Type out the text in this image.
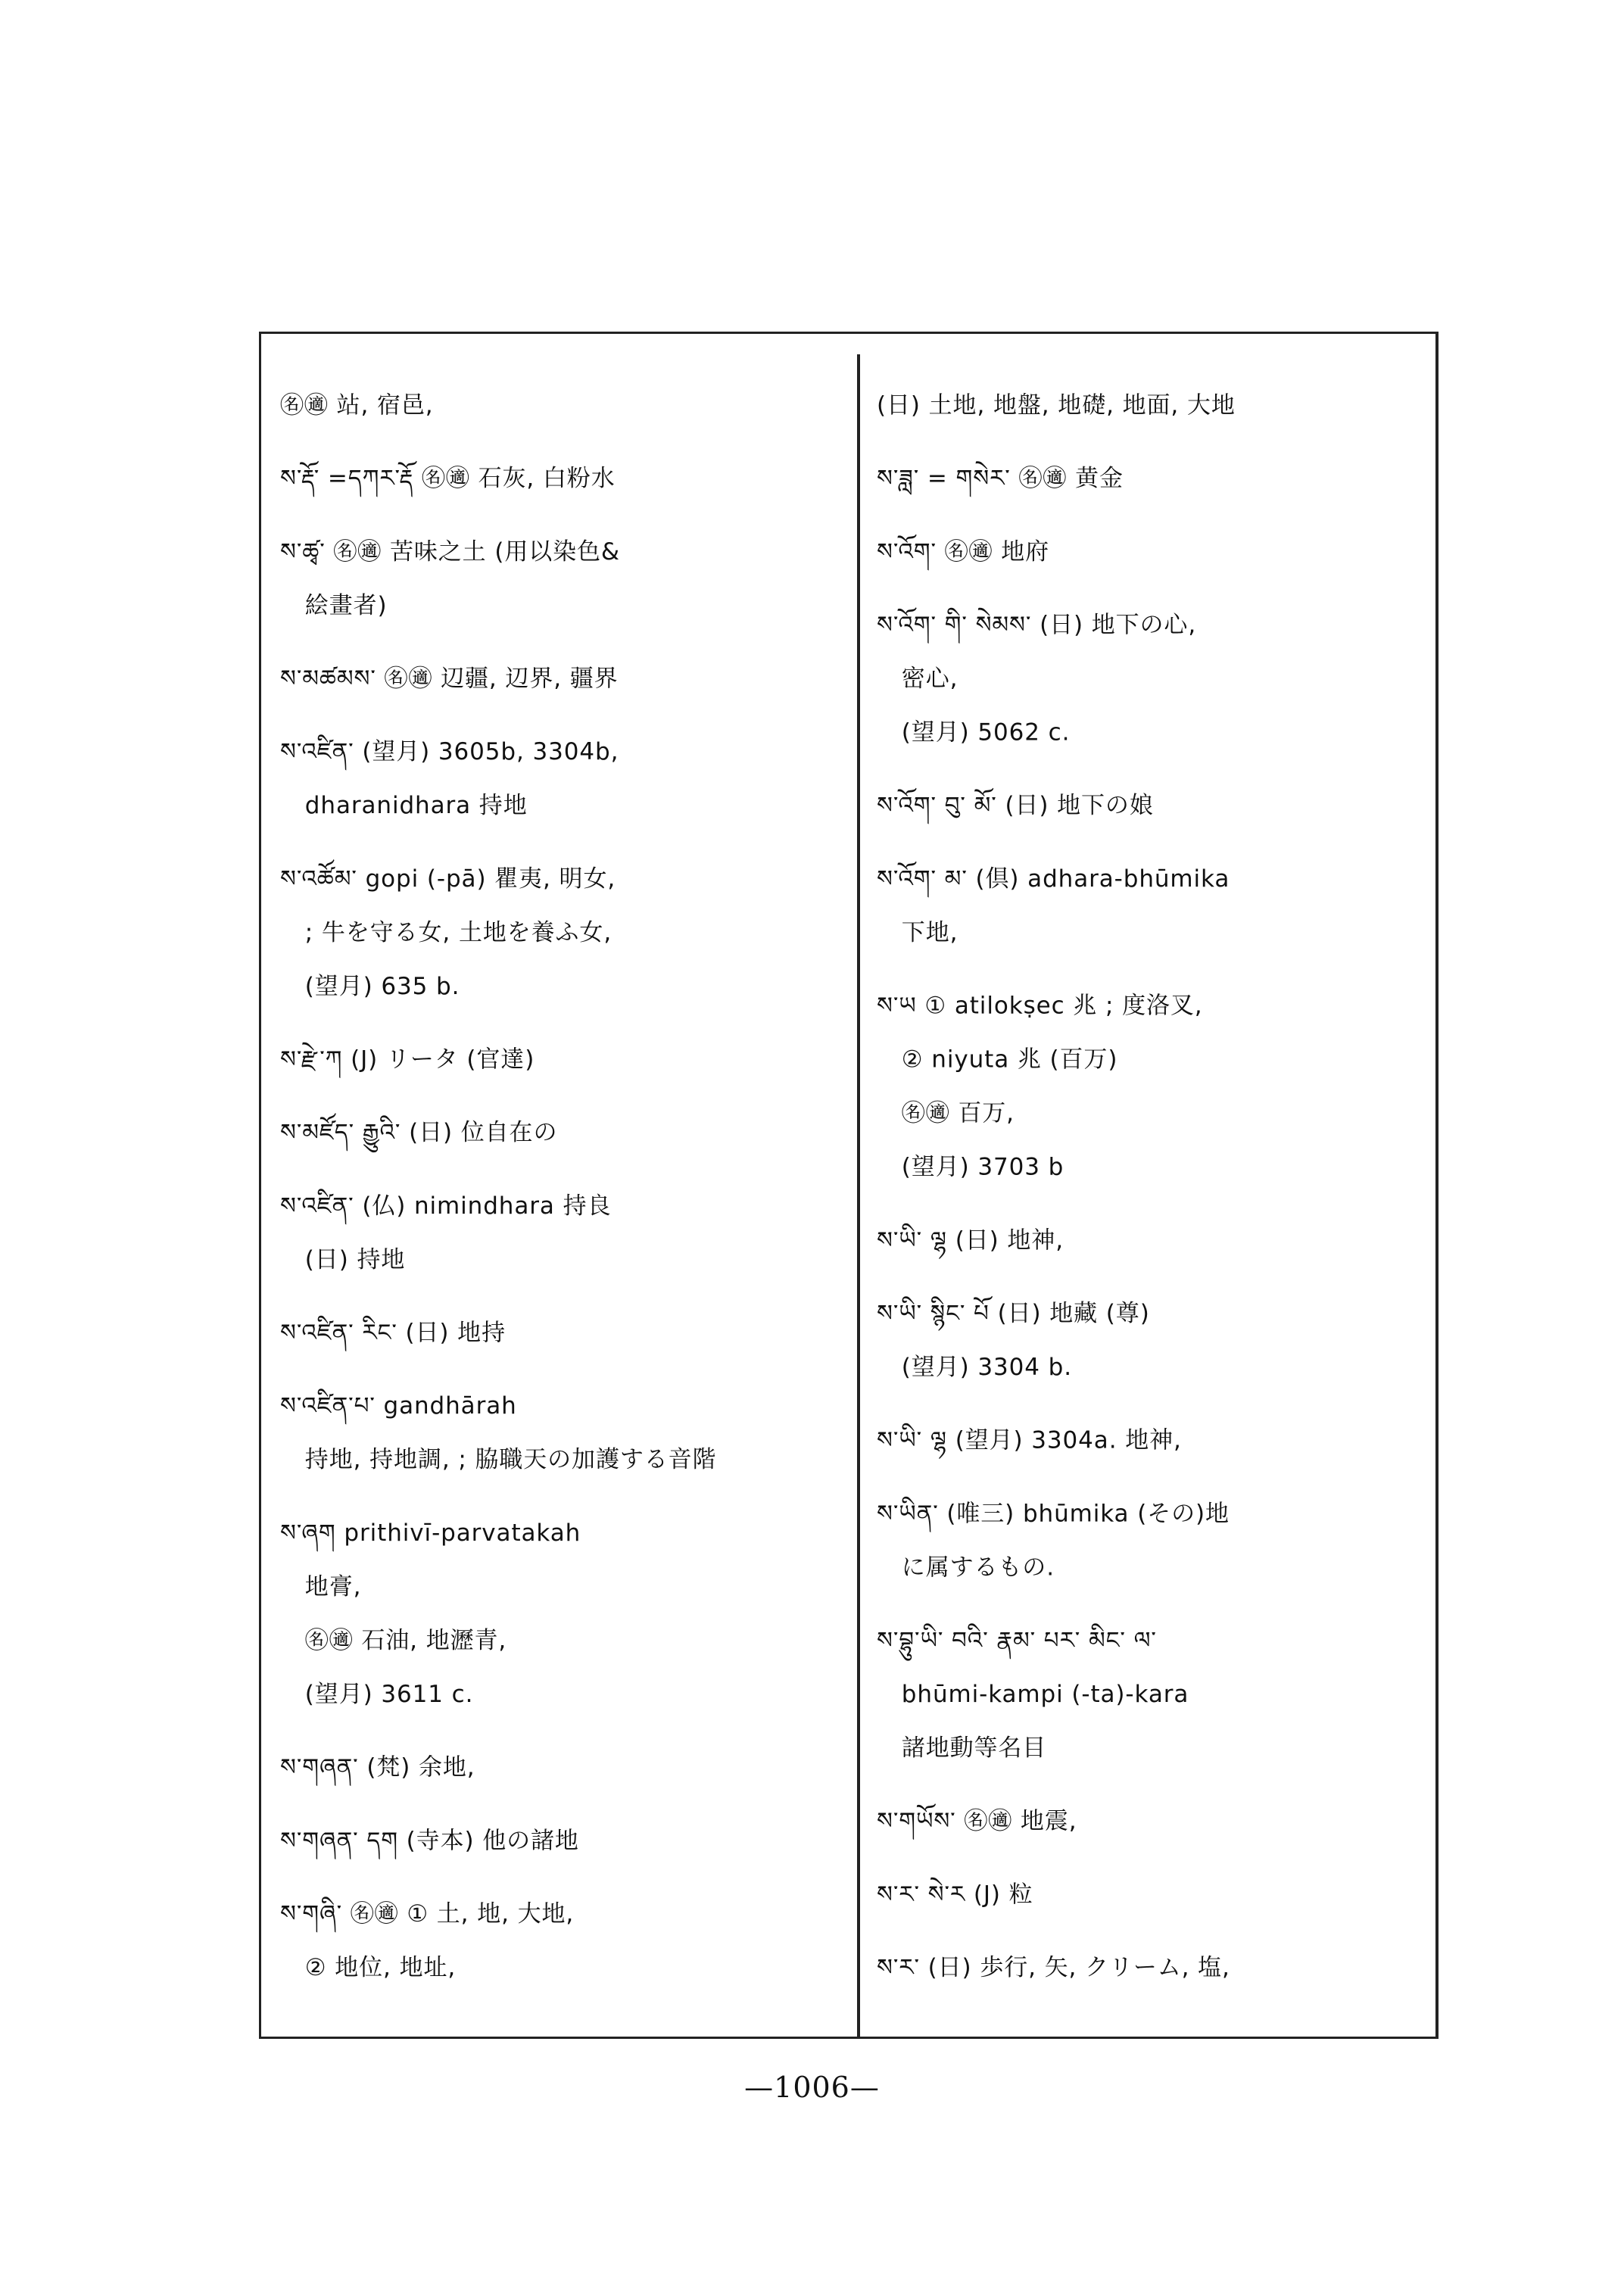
㊔㊜ 站, 宿邑,
ས་རྡོ་ =དཀར་རྡོ ㊔㊜ 石灰, 白粉水
ས་ཚྭ་ ㊔㊜ 苦味之土 (用以染色&
絵畫者)
ས་མཚམས་ ㊔㊜ 辺疆, 辺界, 疆界
ས་འཛིན་ (望月) 3605b, 3304b,
dharanidhara 持地
ས་འཚོམ་ gopi (-pā) 瞿夷, 明女,
; 牛を守る女, 土地を養ふ女,
(望月) 635 b.
ས་རྫེ་ཀ (J) リータ (官達)
ས་མཛོད་ རྒྱུའི་ (日) 位自在の
ས་འཛིན་ (仏) nimindhara 持良
(日) 持地
ས་འཛིན་ རིང་ (日) 地持
ས་འཛིན་པ་ gandhārah
持地, 持地調, ; 脇職天の加護する音階
ས་ཞག prithivī-parvatakah
地膏,
㊔㊜ 石油, 地瀝青,
(望月) 3611 c.
ས་གཞན་ (梵) 余地,
ས་གཞན་ དག (寺本) 他の諸地
ས་གཞི་ ㊔㊜ ① 土, 地, 大地,
② 地位, 地址,
(日) 土地, 地盤, 地礎, 地面, 大地
ས་ཟླ་ = གསེར་ ㊔㊜ 黄金
ས་འོག་ ㊔㊜ 地府
ས་འོག་ གི་ སེམས་ (日) 地下の心,
密心,
(望月) 5062 c.
ས་འོག་ བུ་ མོ་ (日) 地下の娘
ས་འོག་ མ་ (倶) adhara-bhūmika
下地,
ས་ཡ ① atilokṣec 兆 ; 度洛叉,
② niyuta 兆 (百万)
㊔㊜ 百万,
(望月) 3703 b
ས་ཡི་ ལྷ (日) 地神,
ས་ཡི་ སྙིང་ པོ (日) 地藏 (尊)
(望月) 3304 b.
ས་ཡི་ ལྷ (望月) 3304a. 地神,
ས་ཡིན་ (唯三) bhūmika (その)地
に属するもの.
ས་བྷུ་ཡི་ བའི་ རྣམ་ པར་ མིང་ ལ་
bhūmi-kampi (-ta)-kara
諸地動等名目
ས་གཡོས་ ㊔㊜ 地震,
ས་ར་ སེ་ར (J) 粒
ས་ར་ (日) 歩行, 矢, クリーム, 塩,
—1006—
